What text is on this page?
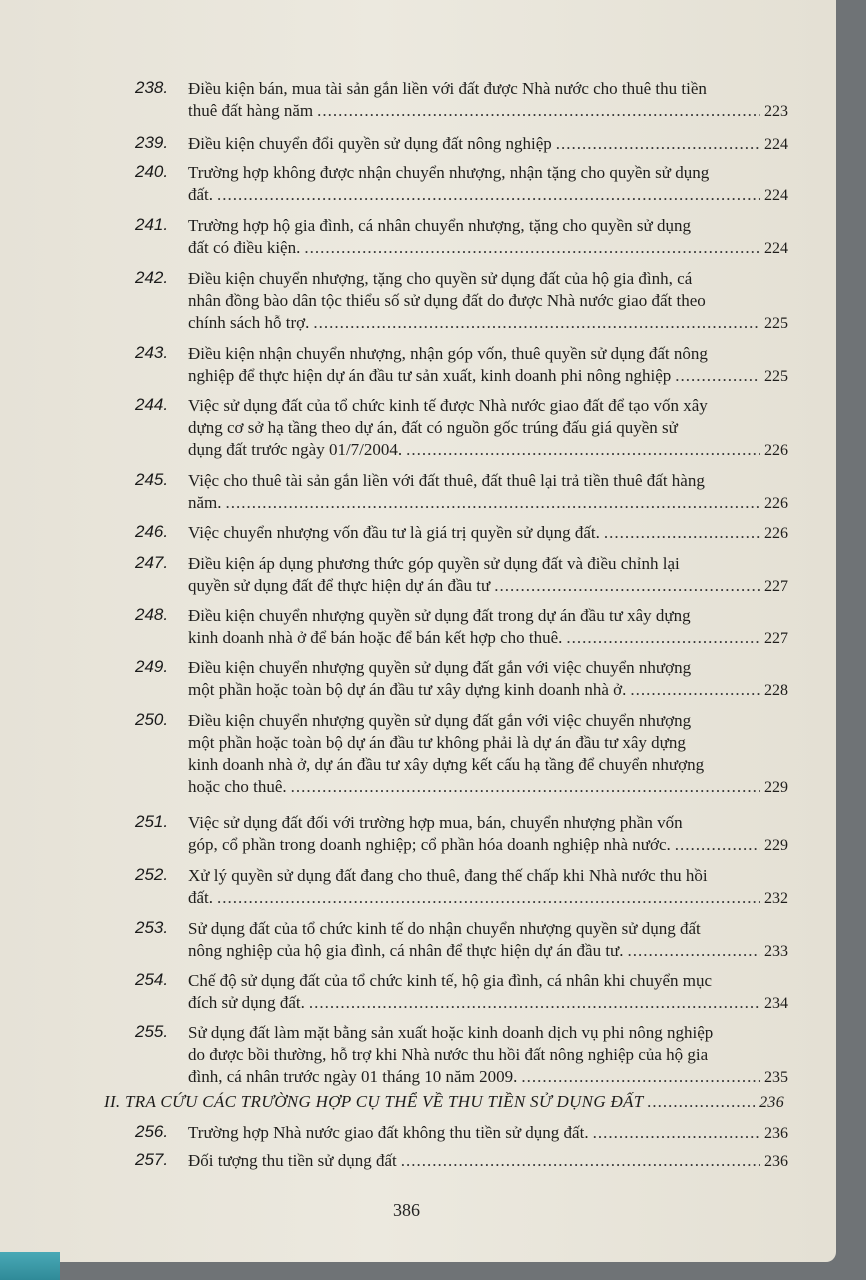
238. Điều kiện bán, mua tài sản gắn liền với đất được Nhà nước cho thuê thu tiền
thuê đất hàng năm .....	223
239. Điều kiện chuyển đổi quyền sử dụng đất nông nghiệp .....	224
240. Trường hợp không được nhận chuyển nhượng, nhận tặng cho quyền sử dụng
đất. .....	224
241. Trường hợp hộ gia đình, cá nhân chuyển nhượng, tặng cho quyền sử dụng
đất có điều kiện. .....	224
242. Điều kiện chuyển nhượng, tặng cho quyền sử dụng đất của hộ gia đình, cá
nhân đồng bào dân tộc thiểu số sử dụng đất do được Nhà nước giao đất theo
chính sách hỗ trợ. .....	225
243. Điều kiện nhận chuyển nhượng, nhận góp vốn, thuê quyền sử dụng đất nông
nghiệp để thực hiện dự án đầu tư sản xuất, kinh doanh phi nông nghiệp .....	225
244. Việc sử dụng đất của tổ chức kinh tế được Nhà nước giao đất để tạo vốn xây
dựng cơ sở hạ tầng theo dự án, đất có nguồn gốc trúng đấu giá quyền sử
dụng đất trước ngày 01/7/2004. .....	226
245. Việc cho thuê tài sản gắn liền với đất thuê, đất thuê lại trả tiền thuê đất hàng
năm. .....	226
246. Việc chuyển nhượng vốn đầu tư là giá trị quyền sử dụng đất. .....	226
247. Điều kiện áp dụng phương thức góp quyền sử dụng đất và điều chỉnh lại
quyền sử dụng đất để thực hiện dự án đầu tư .....	227
248. Điều kiện chuyển nhượng quyền sử dụng đất trong dự án đầu tư xây dựng
kinh doanh nhà ở để bán hoặc để bán kết hợp cho thuê. .....	227
249. Điều kiện chuyển nhượng quyền sử dụng đất gắn với việc chuyển nhượng
một phần hoặc toàn bộ dự án đầu tư xây dựng kinh doanh nhà ở. .....	228
250. Điều kiện chuyển nhượng quyền sử dụng đất gắn với việc chuyển nhượng
một phần hoặc toàn bộ dự án đầu tư không phải là dự án đầu tư xây dựng
kinh doanh nhà ở, dự án đầu tư xây dựng kết cấu hạ tầng để chuyển nhượng
hoặc cho thuê. .....	229
251. Việc sử dụng đất đối với trường hợp mua, bán, chuyển nhượng phần vốn
góp, cổ phần trong doanh nghiệp; cổ phần hóa doanh nghiệp nhà nước. .....	229
252. Xử lý quyền sử dụng đất đang cho thuê, đang thế chấp khi Nhà nước thu hồi
đất. .....	232
253. Sử dụng đất của tổ chức kinh tế do nhận chuyển nhượng quyền sử dụng đất
nông nghiệp của hộ gia đình, cá nhân để thực hiện dự án đầu tư. .....	233
254. Chế độ sử dụng đất của tổ chức kinh tế, hộ gia đình, cá nhân khi chuyển mục
đích sử dụng đất. .....	234
255. Sử dụng đất làm mặt bằng sản xuất hoặc kinh doanh dịch vụ phi nông nghiệp
do được bồi thường, hỗ trợ khi Nhà nước thu hồi đất nông nghiệp của hộ gia
đình, cá nhân trước ngày 01 tháng 10 năm 2009. .....	235
II. TRA CỨU CÁC TRƯỜNG HỢP CỤ THỂ VỀ THU TIỀN SỬ DỤNG ĐẤT .....	236
256. Trường hợp Nhà nước giao đất không thu tiền sử dụng đất. .....	236
257. Đối tượng thu tiền sử dụng đất .....	236
386
